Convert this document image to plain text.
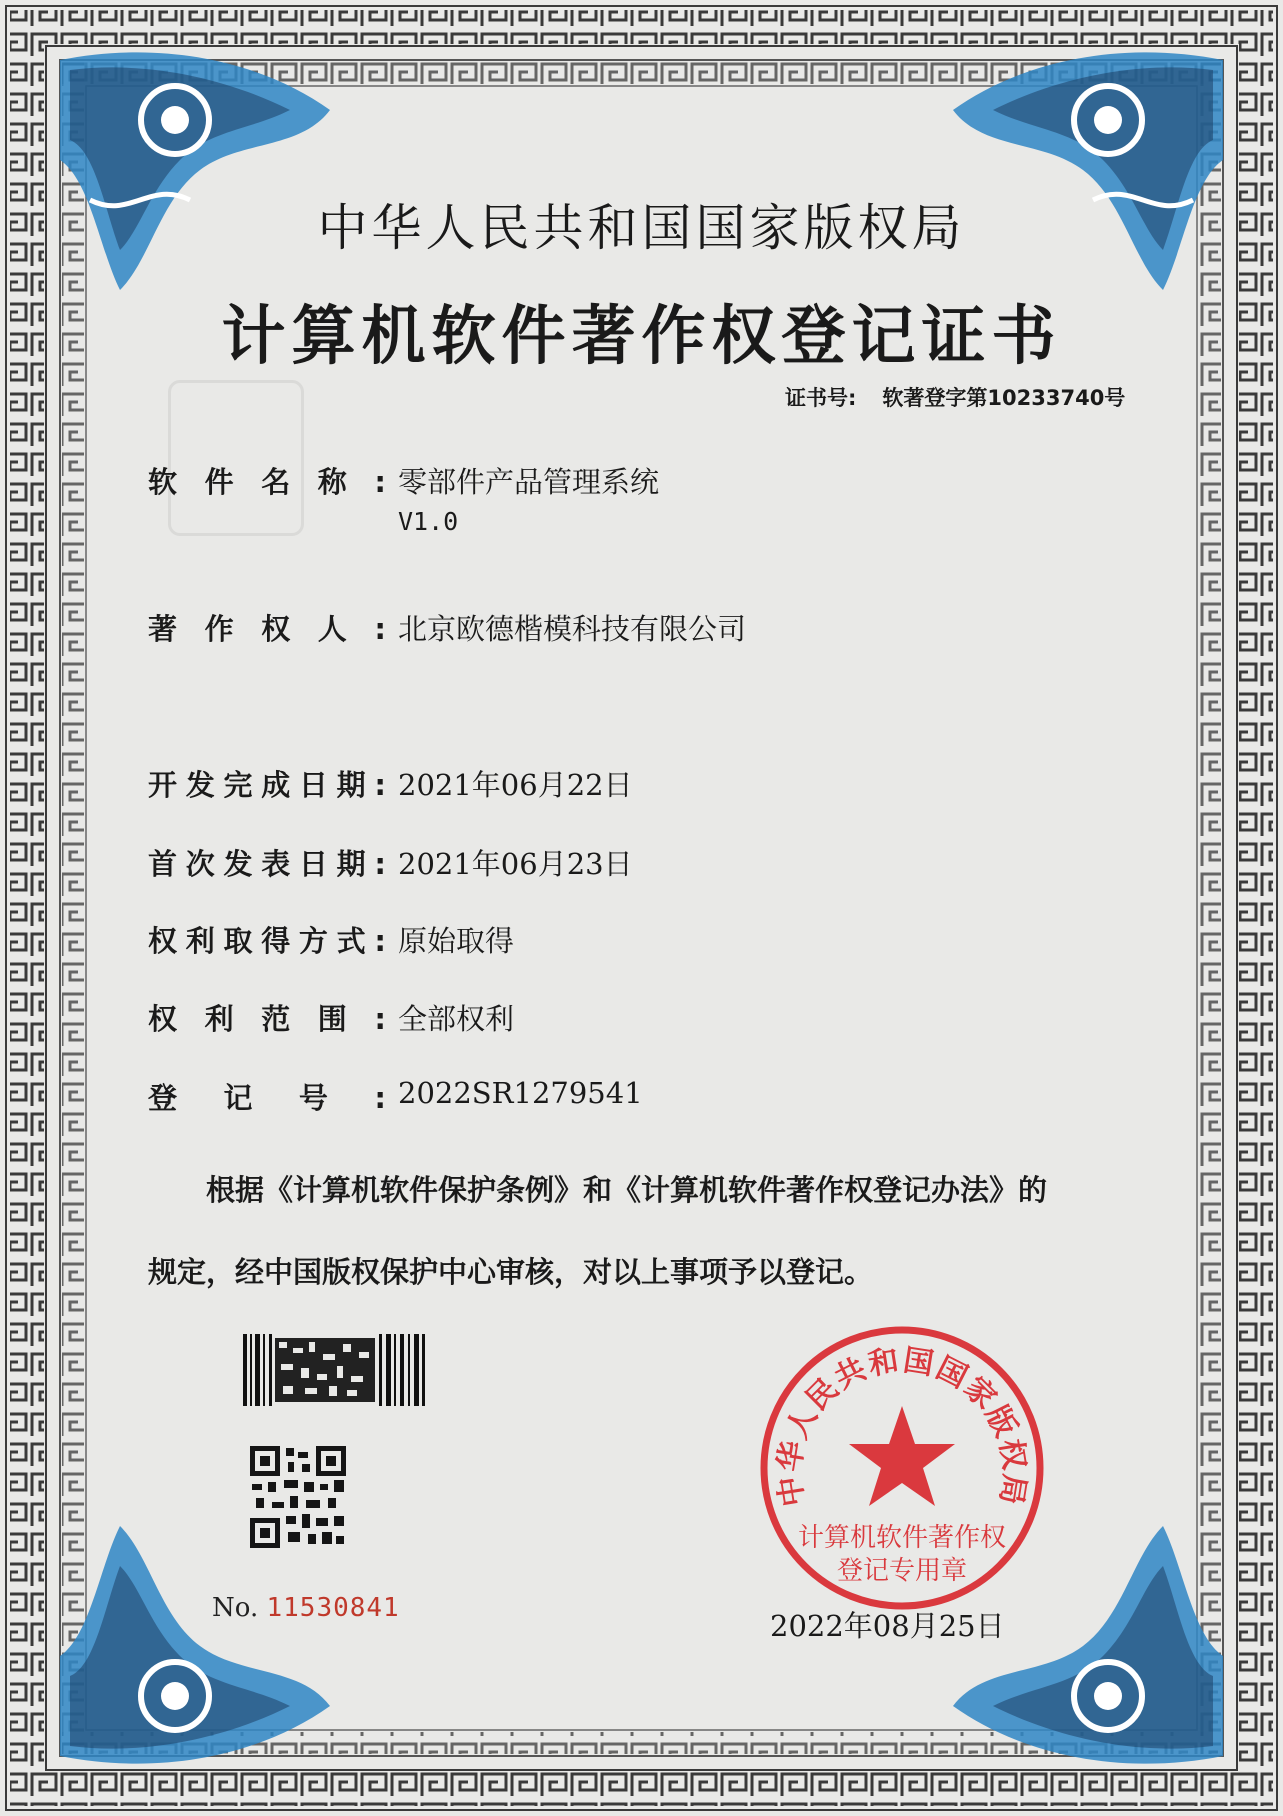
中华人民共和国国家版权局
计算机软件著作权登记证书
证书号: 软著登字第10233740号
软件名称: 零部件产品管理系统
V1.0
著作权人: 北京欧德楷模科技有限公司
开发完成日期: 2021年06月22日
首次发表日期: 2021年06月23日
权利取得方式: 原始取得
权利范围: 全部权利
登记号: 2022SR1279541
根据《计算机软件保护条例》和《计算机软件著作权登记办法》的
规定，经中国版权保护中心审核，对以上事项予以登记。
No. 11530841
中华人民共和国国家版权局
计算机软件著作权
登记专用章
2022年08月25日
